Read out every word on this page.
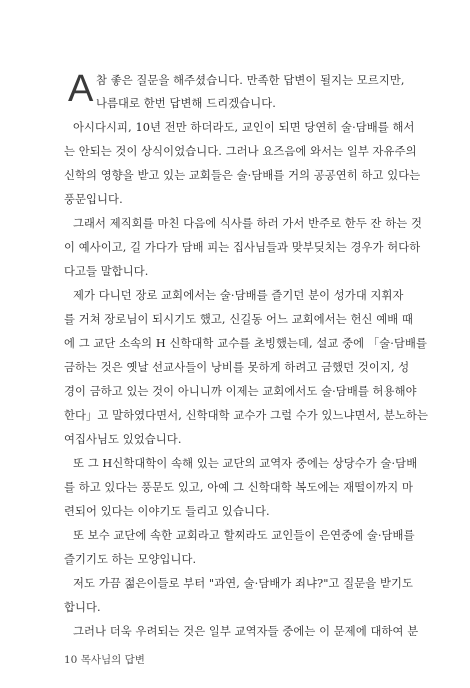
A 참 좋은 질문을 해주셨습니다. 만족한 답변이 될지는 모르지만,
나름대로 한번 답변해 드리겠습니다.
아시다시피, 10년 전만 하더라도, 교인이 되면 당연히 술·담배를 해서
는 안되는 것이 상식이었습니다. 그러나 요즈음에 와서는 일부 자유주의
신학의 영향을 받고 있는 교회들은 술·담배를 거의 공공연히 하고 있다는
풍문입니다.
그래서 제직회를 마친 다음에 식사를 하러 가서 반주로 한두 잔 하는 것
이 예사이고, 길 가다가 담배 피는 집사님들과 맞부딪치는 경우가 허다하
다고들 말합니다.
제가 다니던 장로 교회에서는 술·담배를 즐기던 분이 성가대 지휘자
를 거쳐 장로님이 되시기도 했고, 신길동 어느 교회에서는 헌신 예배 때
에 그 교단 소속의 H 신학대학 교수를 초빙했는데, 설교 중에 「술·담배를
금하는 것은 옛날 선교사들이 낭비를 못하게 하려고 금했던 것이지, 성
경이 금하고 있는 것이 아니니까 이제는 교회에서도 술·담배를 허용해야
한다」고 말하였다면서, 신학대학 교수가 그럴 수가 있느냐면서, 분노하는
여집사님도 있었습니다.
또 그 H신학대학이 속해 있는 교단의 교역자 중에는 상당수가 술·담배
를 하고 있다는 풍문도 있고, 아예 그 신학대학 복도에는 재떨이까지 마
련되어 있다는 이야기도 들리고 있습니다.
또 보수 교단에 속한 교회라고 할찌라도 교인들이 은연중에 술·담배를
즐기기도 하는 모양입니다.
저도 가끔 젊은이들로 부터 "과연, 술·담배가 죄냐?"고 질문을 받기도
합니다.
그러나 더욱 우려되는 것은 일부 교역자들 중에는 이 문제에 대하여 분
10 목사님의 답변
